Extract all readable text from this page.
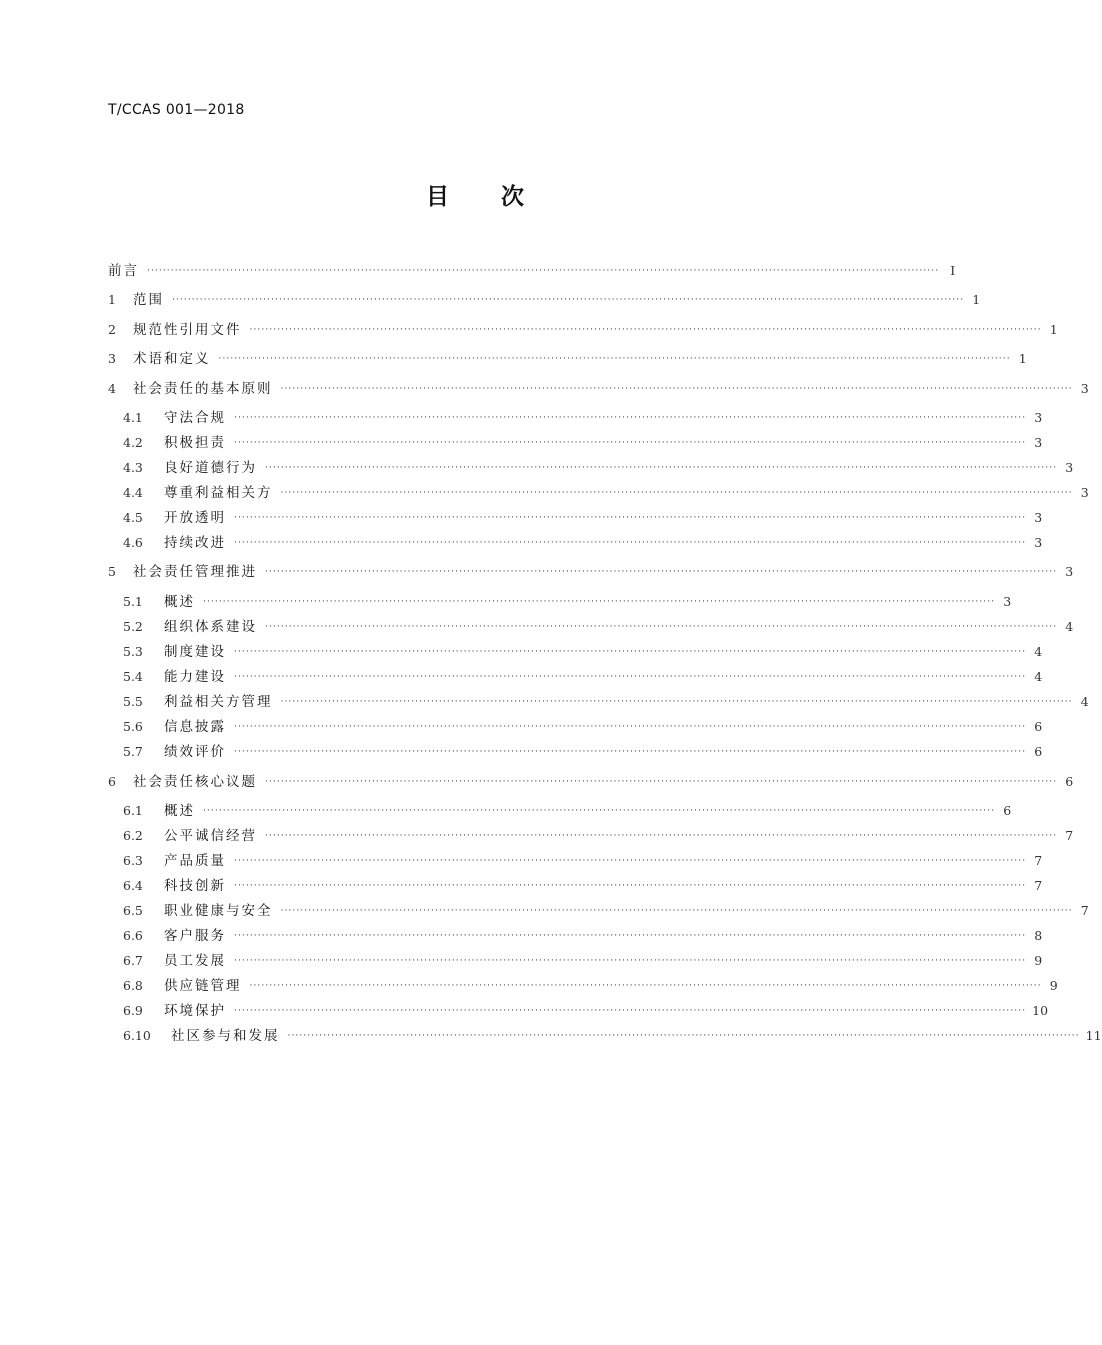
T/CCAS 001—2018
目 次
前言 ········································································································································································································ Ⅰ
1	范围 ········································································································································································································ 1
2	规范性引用文件 ········································································································································································································ 1
3	术语和定义 ········································································································································································································ 1
4	社会责任的基本原则 ········································································································································································································ 3
4.1	守法合规 ········································································································································································································ 3
4.2	积极担责 ········································································································································································································ 3
4.3	良好道德行为 ········································································································································································································ 3
4.4	尊重利益相关方 ········································································································································································································ 3
4.5	开放透明 ········································································································································································································ 3
4.6	持续改进 ········································································································································································································ 3
5	社会责任管理推进 ········································································································································································································ 3
5.1	概述 ········································································································································································································ 3
5.2	组织体系建设 ········································································································································································································ 4
5.3	制度建设 ········································································································································································································ 4
5.4	能力建设 ········································································································································································································ 4
5.5	利益相关方管理 ········································································································································································································ 4
5.6	信息披露 ········································································································································································································ 6
5.7	绩效评价 ········································································································································································································ 6
6	社会责任核心议题 ········································································································································································································ 6
6.1	概述 ········································································································································································································ 6
6.2	公平诚信经营 ········································································································································································································ 7
6.3	产品质量 ········································································································································································································ 7
6.4	科技创新 ········································································································································································································ 7
6.5	职业健康与安全 ········································································································································································································ 7
6.6	客户服务 ········································································································································································································ 8
6.7	员工发展 ········································································································································································································ 9
6.8	供应链管理 ········································································································································································································ 9
6.9	环境保护 ········································································································································································································ 10
6.10	社区参与和发展 ········································································································································································································ 11
